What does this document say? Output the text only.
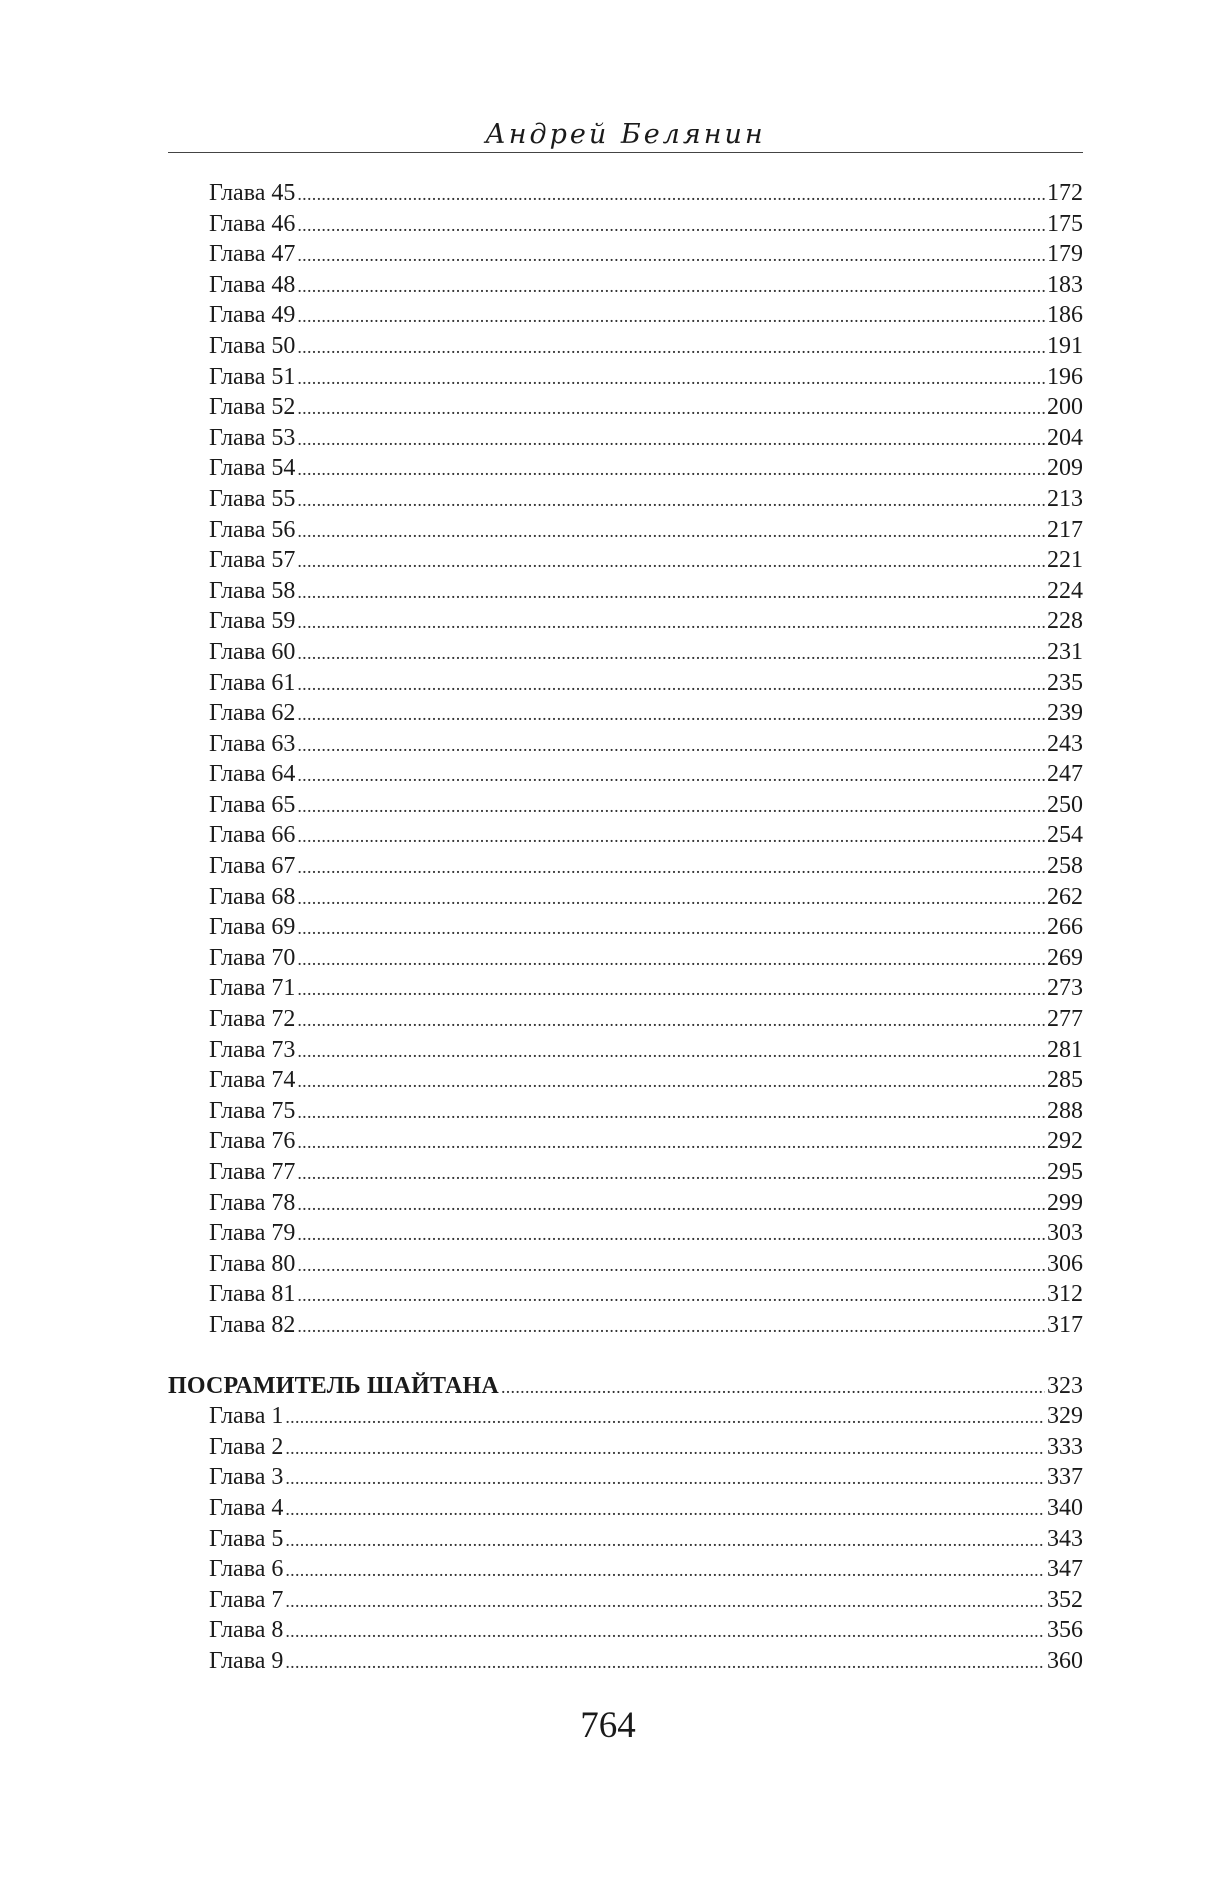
Андрей Белянин
Глава 45 . . .	172
Глава 46 . . .	175
Глава 47 . . .	179
Глава 48 . . .	183
Глава 49 . . .	186
Глава 50 . . .	191
Глава 51 . . .	196
Глава 52 . . .	200
Глава 53 . . .	204
Глава 54 . . .	209
Глава 55 . . .	213
Глава 56 . . .	217
Глава 57 . . .	221
Глава 58 . . .	224
Глава 59 . . .	228
Глава 60 . . .	231
Глава 61 . . .	235
Глава 62 . . .	239
Глава 63 . . .	243
Глава 64 . . .	247
Глава 65 . . .	250
Глава 66 . . .	254
Глава 67 . . .	258
Глава 68 . . .	262
Глава 69 . . .	266
Глава 70 . . .	269
Глава 71 . . .	273
Глава 72 . . .	277
Глава 73 . . .	281
Глава 74 . . .	285
Глава 75 . . .	288
Глава 76 . . .	292
Глава 77 . . .	295
Глава 78 . . .	299
Глава 79 . . .	303
Глава 80 . . .	306
Глава 81 . . .	312
Глава 82 . . .	317
ПОСРАМИТЕЛЬ ШАЙТАНА . . .	323
Глава 1 . . .	329
Глава 2 . . .	333
Глава 3 . . .	337
Глава 4 . . .	340
Глава 5 . . .	343
Глава 6 . . .	347
Глава 7 . . .	352
Глава 8 . . .	356
Глава 9 . . .	360
764
